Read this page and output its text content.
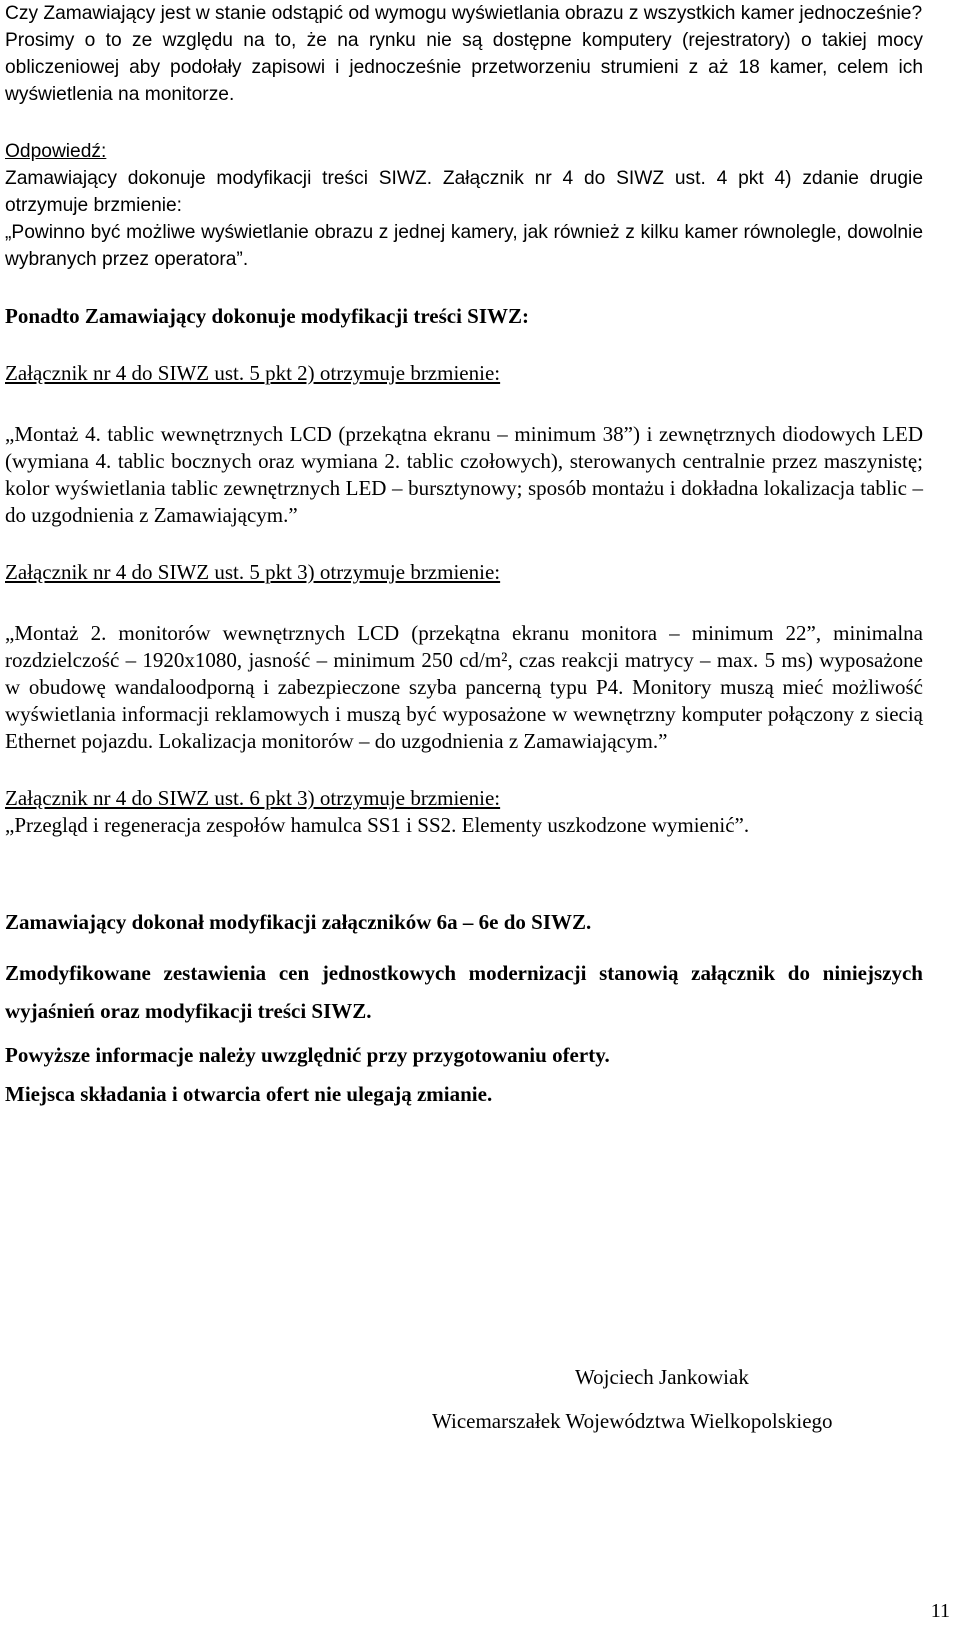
Czy Zamawiający jest w stanie odstąpić od wymogu wyświetlania obrazu z wszystkich kamer jednocześnie?

Prosimy o to ze względu na to, że na rynku nie są dostępne komputery (rejestratory) o takiej mocy obliczeniowej aby podołały zapisowi i jednocześnie przetworzeniu strumieni z aż 18 kamer, celem ich wyświetlenia na monitorze.

Odpowiedź:

Zamawiający dokonuje modyfikacji treści SIWZ. Załącznik nr 4 do SIWZ ust. 4 pkt 4) zdanie drugie otrzymuje brzmienie:

„Powinno być możliwe wyświetlanie obrazu z jednej kamery, jak również z kilku kamer równolegle, dowolnie wybranych przez operatora”.

Ponadto Zamawiający dokonuje modyfikacji treści SIWZ:

Załącznik nr 4 do SIWZ ust. 5 pkt 2) otrzymuje brzmienie:

„Montaż 4. tablic wewnętrznych LCD (przekątna ekranu – minimum 38”) i zewnętrznych diodowych LED (wymiana 4. tablic bocznych oraz wymiana 2. tablic czołowych), sterowanych centralnie przez maszynistę; kolor wyświetlania tablic zewnętrznych LED – bursztynowy; sposób montażu i dokładna lokalizacja tablic – do uzgodnienia z Zamawiającym.”

Załącznik nr 4 do SIWZ ust. 5 pkt 3) otrzymuje brzmienie:

„Montaż 2. monitorów wewnętrznych LCD (przekątna ekranu monitora – minimum 22”, minimalna rozdzielczość – 1920x1080, jasność – minimum 250 cd/m², czas reakcji matrycy – max. 5 ms) wyposażone w obudowę wandaloodporną i zabezpieczone szyba pancerną typu P4. Monitory muszą mieć możliwość wyświetlania informacji reklamowych i muszą być wyposażone w wewnętrzny komputer połączony z siecią Ethernet pojazdu. Lokalizacja monitorów – do uzgodnienia z Zamawiającym.”

Załącznik nr 4 do SIWZ ust. 6 pkt 3) otrzymuje brzmienie:

„Przegląd i regeneracja zespołów hamulca SS1 i SS2. Elementy uszkodzone wymienić”.

Zamawiający dokonał modyfikacji załączników 6a – 6e do SIWZ.

Zmodyfikowane zestawienia cen jednostkowych modernizacji stanowią załącznik do niniejszych wyjaśnień oraz modyfikacji treści SIWZ.

Powyższe informacje należy uwzględnić przy przygotowaniu oferty.

Miejsca składania i otwarcia ofert nie ulegają zmianie.

Wojciech Jankowiak
Wicemarszałek Województwa Wielkopolskiego
11
